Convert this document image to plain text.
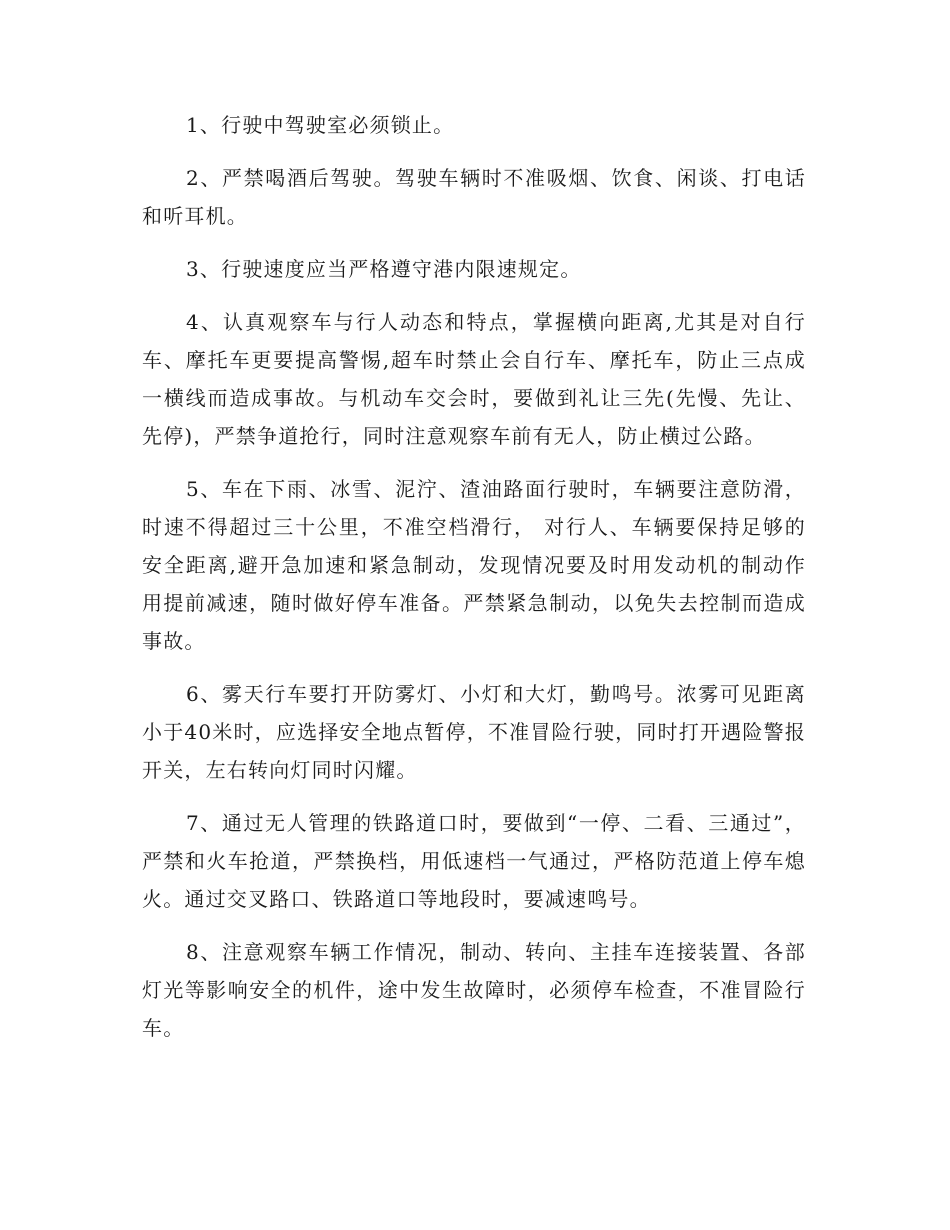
1、行驶中驾驶室必须锁止。

2、严禁喝酒后驾驶。驾驶车辆时不准吸烟、饮食、闲谈、打电话和听耳机。

3、行驶速度应当严格遵守港内限速规定。

4、认真观察车与行人动态和特点，掌握横向距离,尤其是对自行车、摩托车更要提高警惕,超车时禁止会自行车、摩托车，防止三点成一横线而造成事故。与机动车交会时，要做到礼让三先(先慢、先让、先停)，严禁争道抢行，同时注意观察车前有无人，防止横过公路。

5、车在下雨、冰雪、泥泞、渣油路面行驶时，车辆要注意防滑，时速不得超过三十公里，不准空档滑行， 对行人、车辆要保持足够的安全距离,避开急加速和紧急制动，发现情况要及时用发动机的制动作用提前减速，随时做好停车准备。严禁紧急制动，以免失去控制而造成事故。

6、雾天行车要打开防雾灯、小灯和大灯，勤鸣号。浓雾可见距离小于40米时，应选择安全地点暂停，不准冒险行驶，同时打开遇险警报开关，左右转向灯同时闪耀。

7、通过无人管理的铁路道口时，要做到“一停、二看、三通过”，严禁和火车抢道，严禁换档，用低速档一气通过，严格防范道上停车熄火。通过交叉路口、铁路道口等地段时，要减速鸣号。

8、注意观察车辆工作情况，制动、转向、主挂车连接装置、各部灯光等影响安全的机件，途中发生故障时，必须停车检查，不准冒险行车。
